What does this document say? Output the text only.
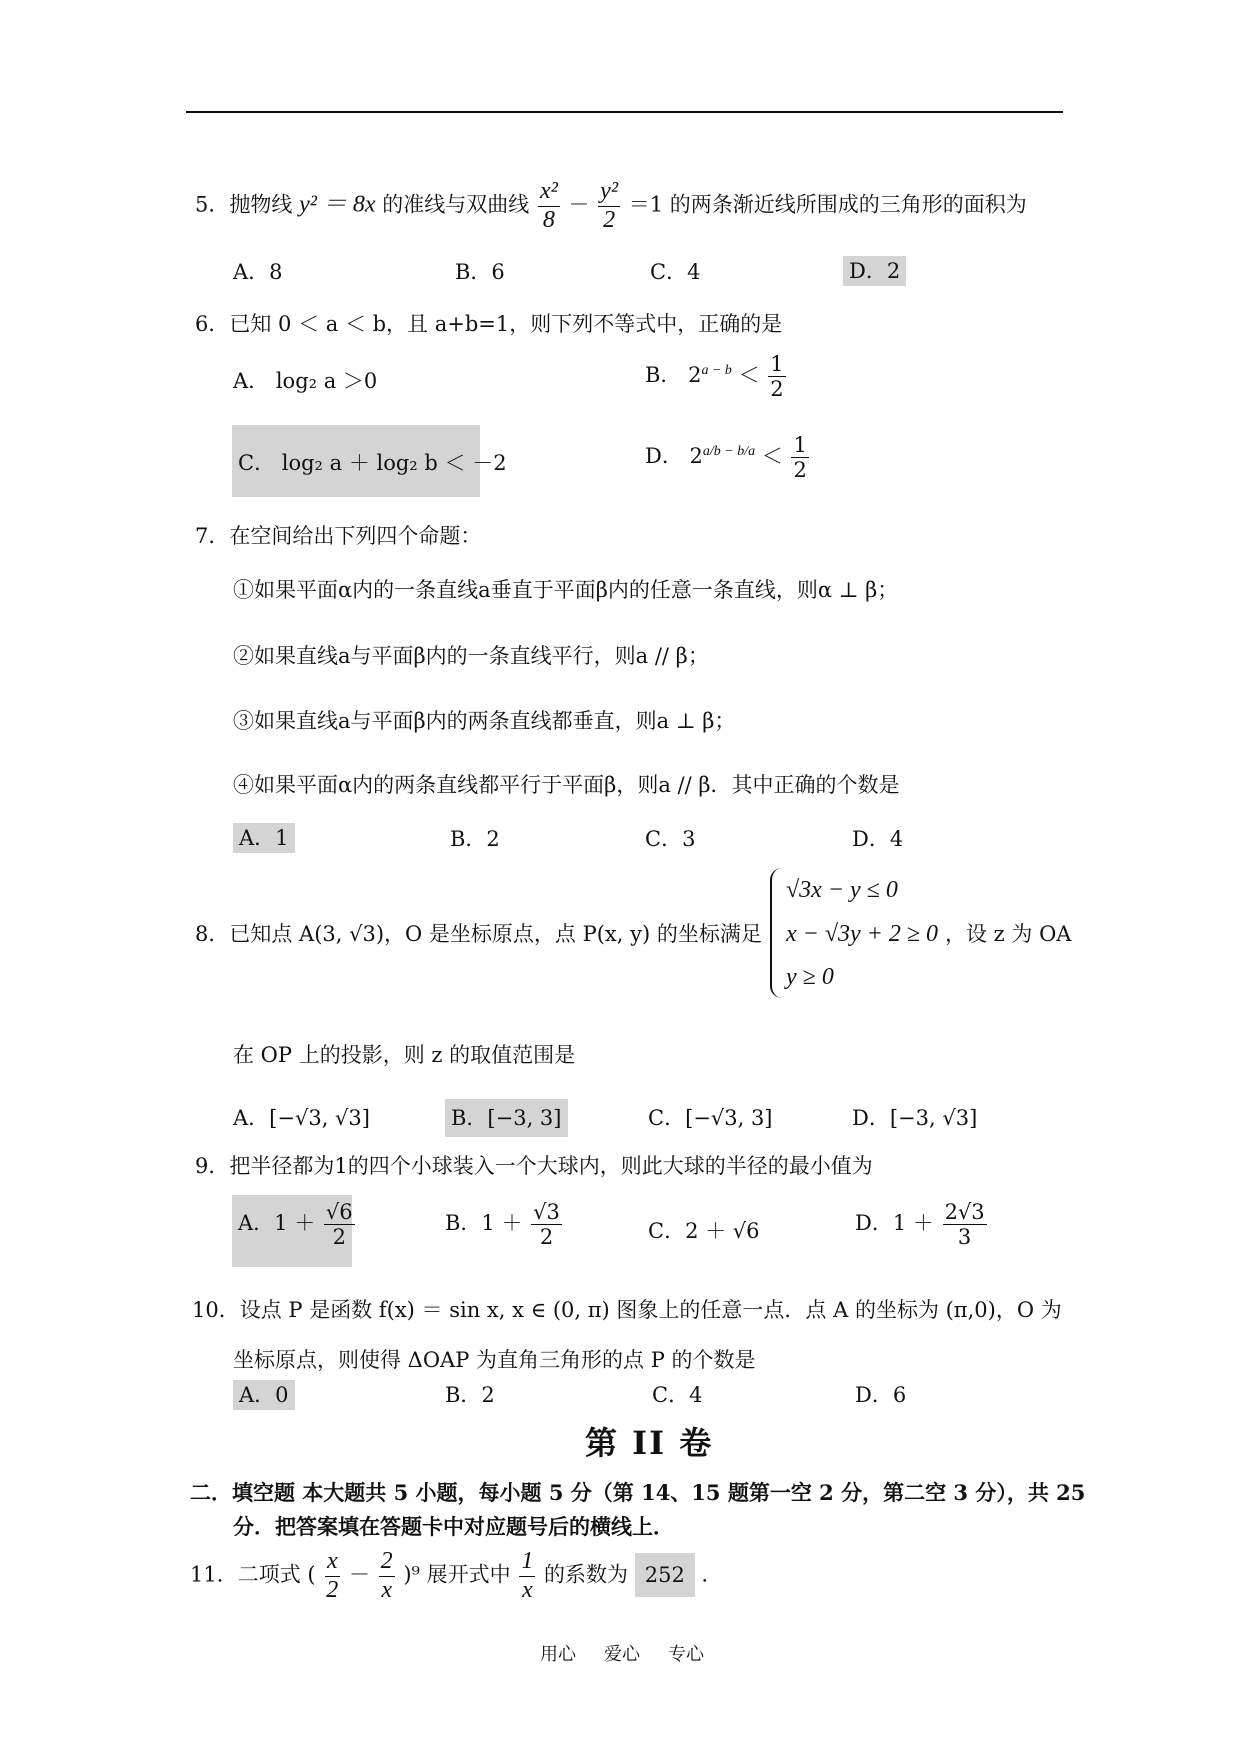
5．抛物线 y² ＝ 8x 的准线与双曲线 $\frac{\text{x²}}{8} - \frac{\text{y²}}{2} =1$ 的两条渐近线所围成的三角形的面积为
A．8	B．6	C．4	D．2
6．已知 0 ＜ a ＜ b，且 a+b=1，则下列不等式中，正确的是
A． log₂ a ＞0	B． $2^{a - b} < \frac{1}{2}$
C． log₂ a ＋ log₂ b ＜ －2	D． $2^{a/b - b/a} < \frac{1}{2}$
7．在空间给出下列四个命题：
①如果平面α内的一条直线a垂直于平面β内的任意一条直线，则α ⊥ β；
②如果直线a与平面β内的一条直线平行，则a // β；
③如果直线a与平面β内的两条直线都垂直，则a ⊥ β；
④如果平面α内的两条直线都平行于平面β，则a // β．其中正确的个数是
A．1	B．2	C．3	D．4
8．已知点 A(3, √3)，O 是坐标原点，点 P(x, y) 的坐标满足
√3x − y ≤ 0
x − √3y + 2 ≥ 0
y ≥ 0
，设 z 为 OA
在 OP 上的投影，则 z 的取值范围是
A．[−√3, √3]	B．[−3, 3]	C．[−√3, 3]	D．[−3, √3]
9．把半径都为1的四个小球装入一个大球内，则此大球的半径的最小值为
A．$1 + \frac{√6}{2}$	B．$1 + \frac{√3}{2}$	C．2 ＋ √6	D．$1 + \frac{2√3}{3}$
10．设点 P 是函数 f(x) ＝ sin x, x ∈ (0, π) 图象上的任意一点．点 A 的坐标为 (π,0)，O 为
坐标原点，则使得 ΔOAP 为直角三角形的点 P 的个数是
A．0	B．2	C．4	D．6
第 II 卷
二．填空题 本大题共 5 小题，每小题 5 分（第 14、15 题第一空 2 分，第二空 3 分），共 25
分．把答案填在答题卡中对应题号后的横线上．
11．二项式 ( $\frac{x}{2} - \frac{2}{x} )^9$ 展开式中 $\frac{1}{x}$ 的系数为 252 ．
用心 爱心 专心
